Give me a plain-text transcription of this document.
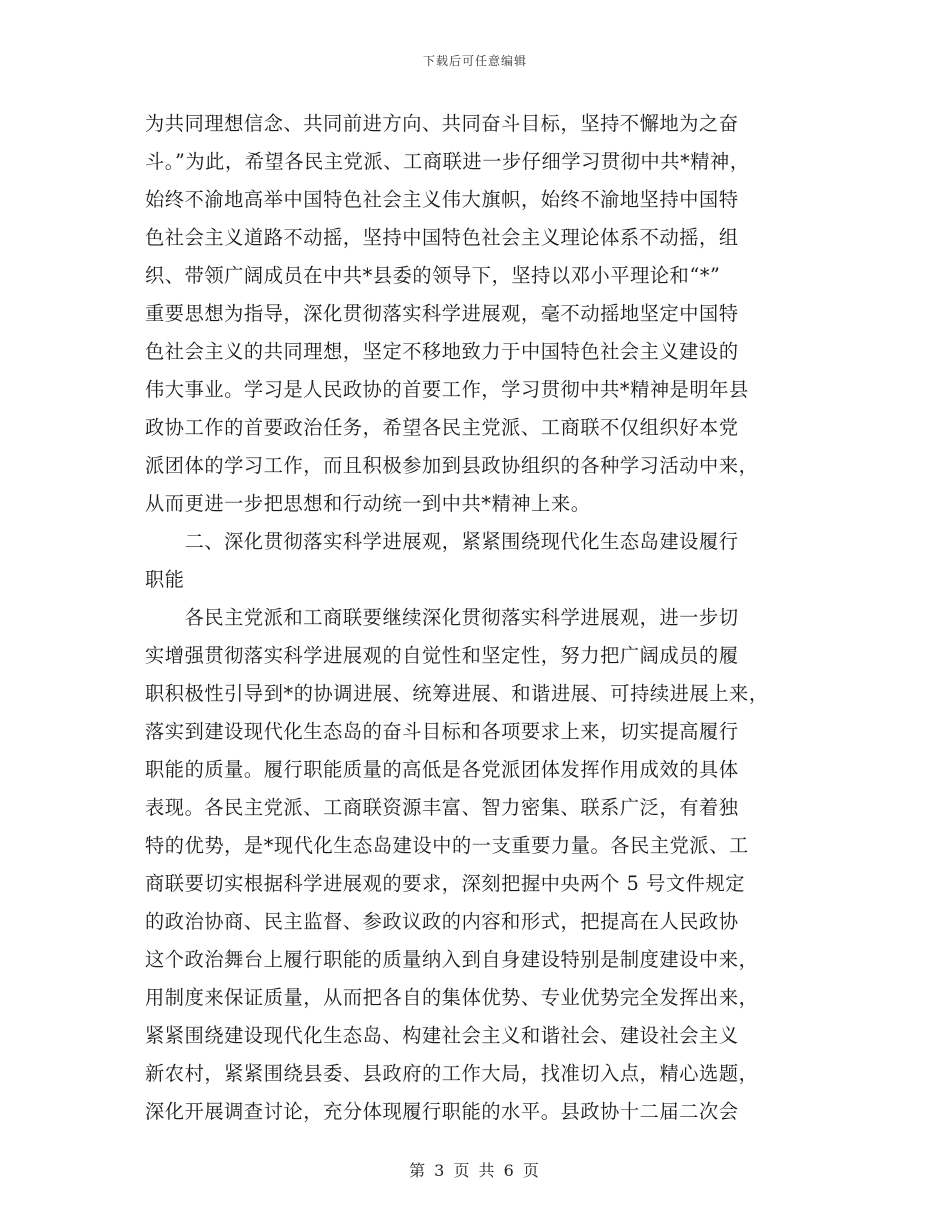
下载后可任意编辑
为共同理想信念、共同前进方向、共同奋斗目标，坚持不懈地为之奋
斗。”为此，希望各民主党派、工商联进一步仔细学习贯彻中共*精神，
始终不渝地高举中国特色社会主义伟大旗帜，始终不渝地坚持中国特
色社会主义道路不动摇，坚持中国特色社会主义理论体系不动摇，组
织、带领广阔成员在中共*县委的领导下，坚持以邓小平理论和“*”
重要思想为指导，深化贯彻落实科学进展观，毫不动摇地坚定中国特
色社会主义的共同理想，坚定不移地致力于中国特色社会主义建设的
伟大事业。学习是人民政协的首要工作，学习贯彻中共*精神是明年县
政协工作的首要政治任务，希望各民主党派、工商联不仅组织好本党
派团体的学习工作，而且积极参加到县政协组织的各种学习活动中来，
从而更进一步把思想和行动统一到中共*精神上来。
　　二、深化贯彻落实科学进展观，紧紧围绕现代化生态岛建设履行
职能
　　各民主党派和工商联要继续深化贯彻落实科学进展观，进一步切
实增强贯彻落实科学进展观的自觉性和坚定性，努力把广阔成员的履
职积极性引导到*的协调进展、统筹进展、和谐进展、可持续进展上来，
落实到建设现代化生态岛的奋斗目标和各项要求上来，切实提高履行
职能的质量。履行职能质量的高低是各党派团体发挥作用成效的具体
表现。各民主党派、工商联资源丰富、智力密集、联系广泛，有着独
特的优势，是*现代化生态岛建设中的一支重要力量。各民主党派、工
商联要切实根据科学进展观的要求，深刻把握中央两个 5 号文件规定
的政治协商、民主监督、参政议政的内容和形式，把提高在人民政协
这个政治舞台上履行职能的质量纳入到自身建设特别是制度建设中来，
用制度来保证质量，从而把各自的集体优势、专业优势完全发挥出来，
紧紧围绕建设现代化生态岛、构建社会主义和谐社会、建设社会主义
新农村，紧紧围绕县委、县政府的工作大局，找准切入点，精心选题，
深化开展调查讨论，充分体现履行职能的水平。县政协十二届二次会
第 3 页 共 6 页
